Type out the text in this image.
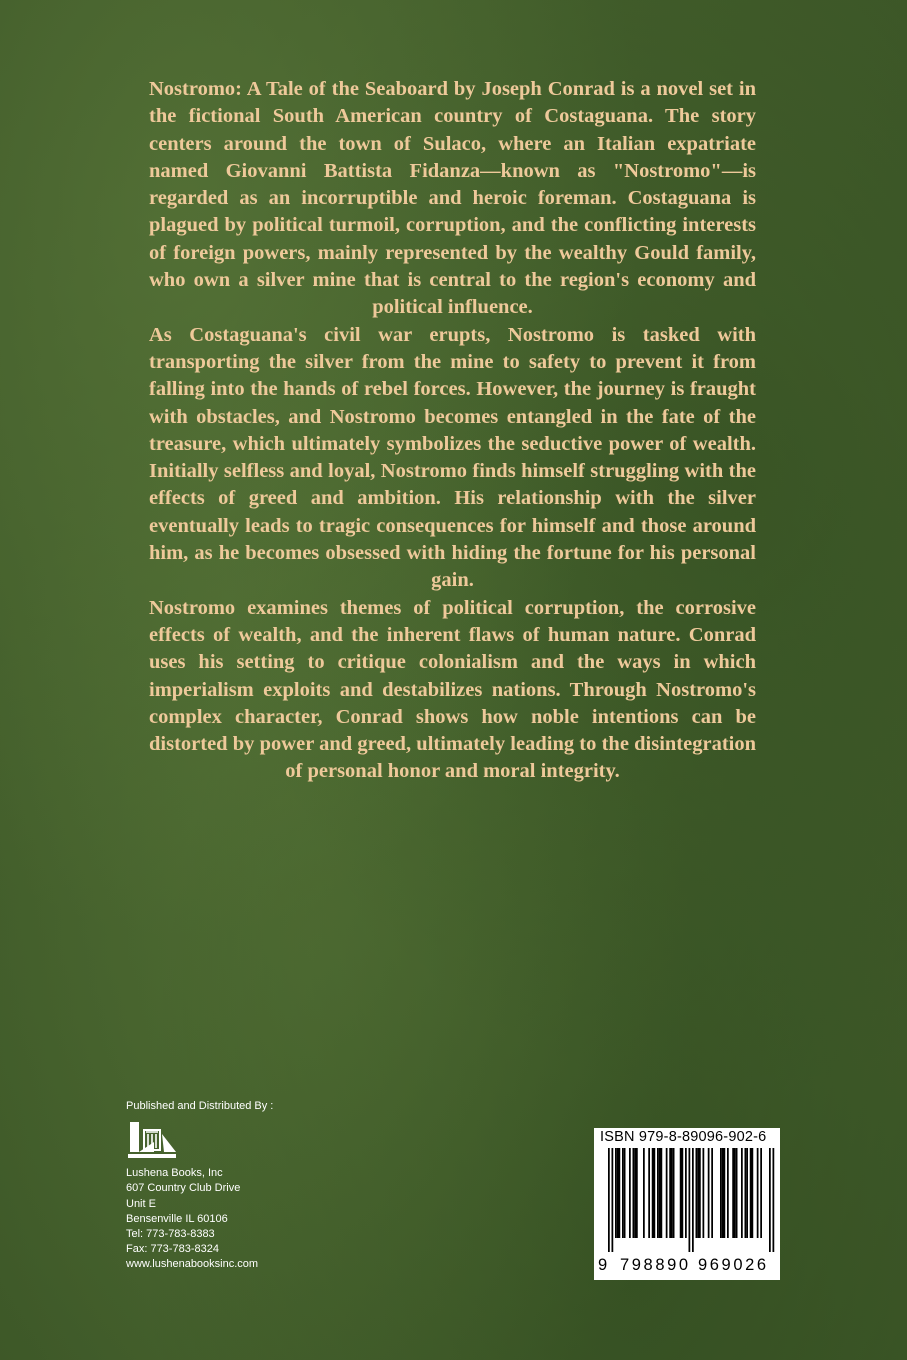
Nostromo: A Tale of the Seaboard by Joseph Conrad is a novel set in the fictional South American country of Costaguana. The story centers around the town of Sulaco, where an Italian expatriate named Giovanni Battista Fidanza—known as "Nostromo"—is regarded as an incorruptible and heroic foreman. Costaguana is plagued by political turmoil, corruption, and the conflicting interests of foreign powers, mainly represented by the wealthy Gould family, who own a silver mine that is central to the region's economy and political influence.

As Costaguana's civil war erupts, Nostromo is tasked with transporting the silver from the mine to safety to prevent it from falling into the hands of rebel forces. However, the journey is fraught with obstacles, and Nostromo becomes entangled in the fate of the treasure, which ultimately symbolizes the seductive power of wealth. Initially selfless and loyal, Nostromo finds himself struggling with the effects of greed and ambition. His relationship with the silver eventually leads to tragic consequences for himself and those around him, as he becomes obsessed with hiding the fortune for his personal gain.

Nostromo examines themes of political corruption, the corrosive effects of wealth, and the inherent flaws of human nature. Conrad uses his setting to critique colonialism and the ways in which imperialism exploits and destabilizes nations. Through Nostromo's complex character, Conrad shows how noble intentions can be distorted by power and greed, ultimately leading to the disintegration of personal honor and moral integrity.

Published and Distributed By :
Lushena Books, Inc
607 Country Club Drive
Unit E
Bensenville IL 60106
Tel: 773-783-8383
Fax: 773-783-8324
www.lushenabooksinc.com
ISBN 979-8-89096-902-6
9 798890 969026
